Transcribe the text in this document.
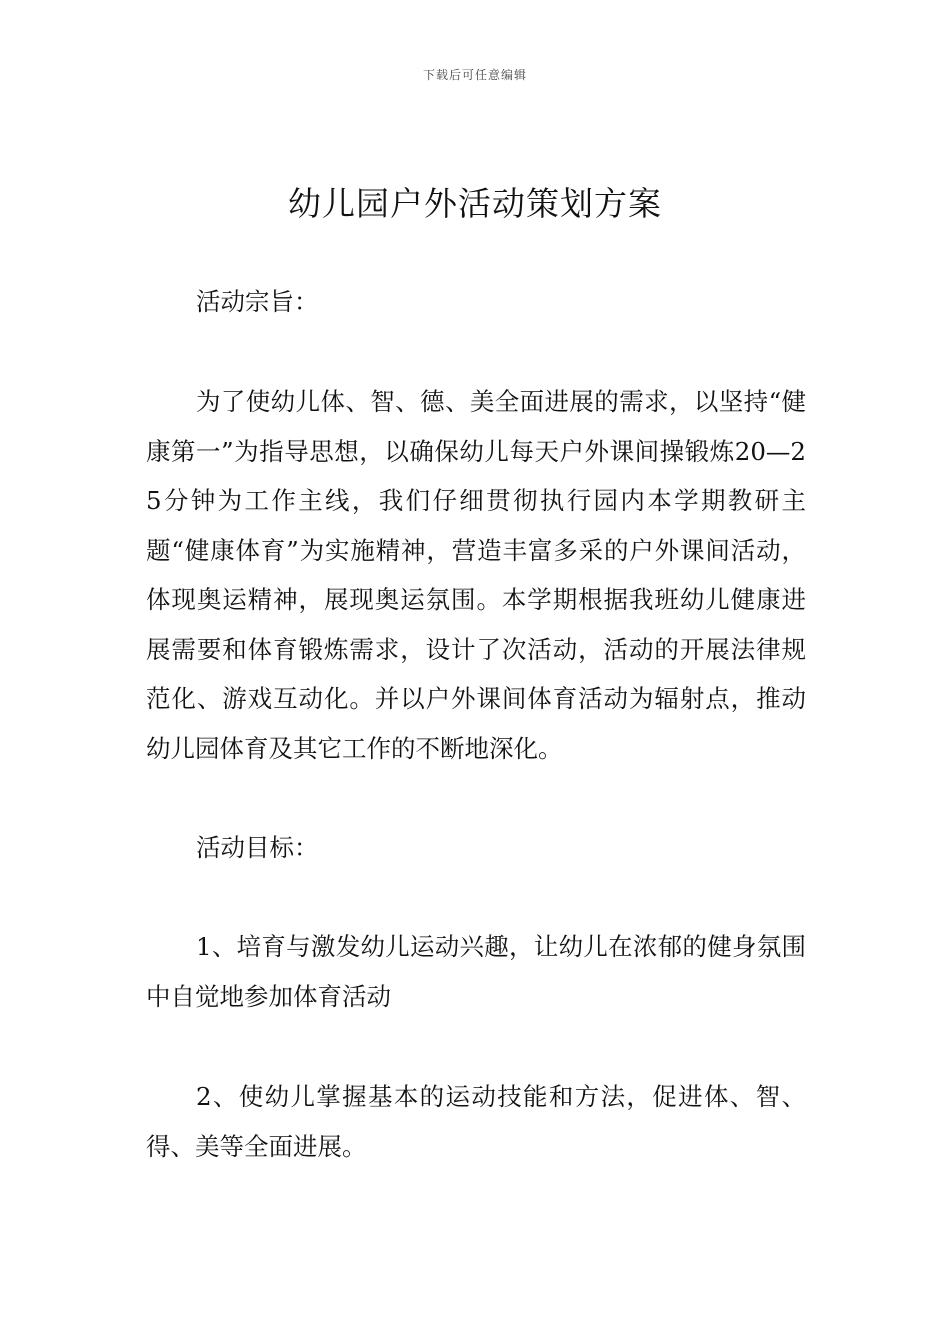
下载后可任意编辑
幼儿园户外活动策划方案

活动宗旨：

为了使幼儿体、智、德、美全面进展的需求，以坚持“健康第一”为指导思想，以确保幼儿每天户外课间操锻炼20—25分钟为工作主线，我们仔细贯彻执行园内本学期教研主题“健康体育”为实施精神，营造丰富多采的户外课间活动，体现奥运精神，展现奥运氛围。本学期根据我班幼儿健康进展需要和体育锻炼需求，设计了次活动，活动的开展法律规范化、游戏互动化。并以户外课间体育活动为辐射点，推动幼儿园体育及其它工作的不断地深化。

活动目标：

1、培育与激发幼儿运动兴趣，让幼儿在浓郁的健身氛围中自觉地参加体育活动

2、使幼儿掌握基本的运动技能和方法，促进体、智、得、美等全面进展。
